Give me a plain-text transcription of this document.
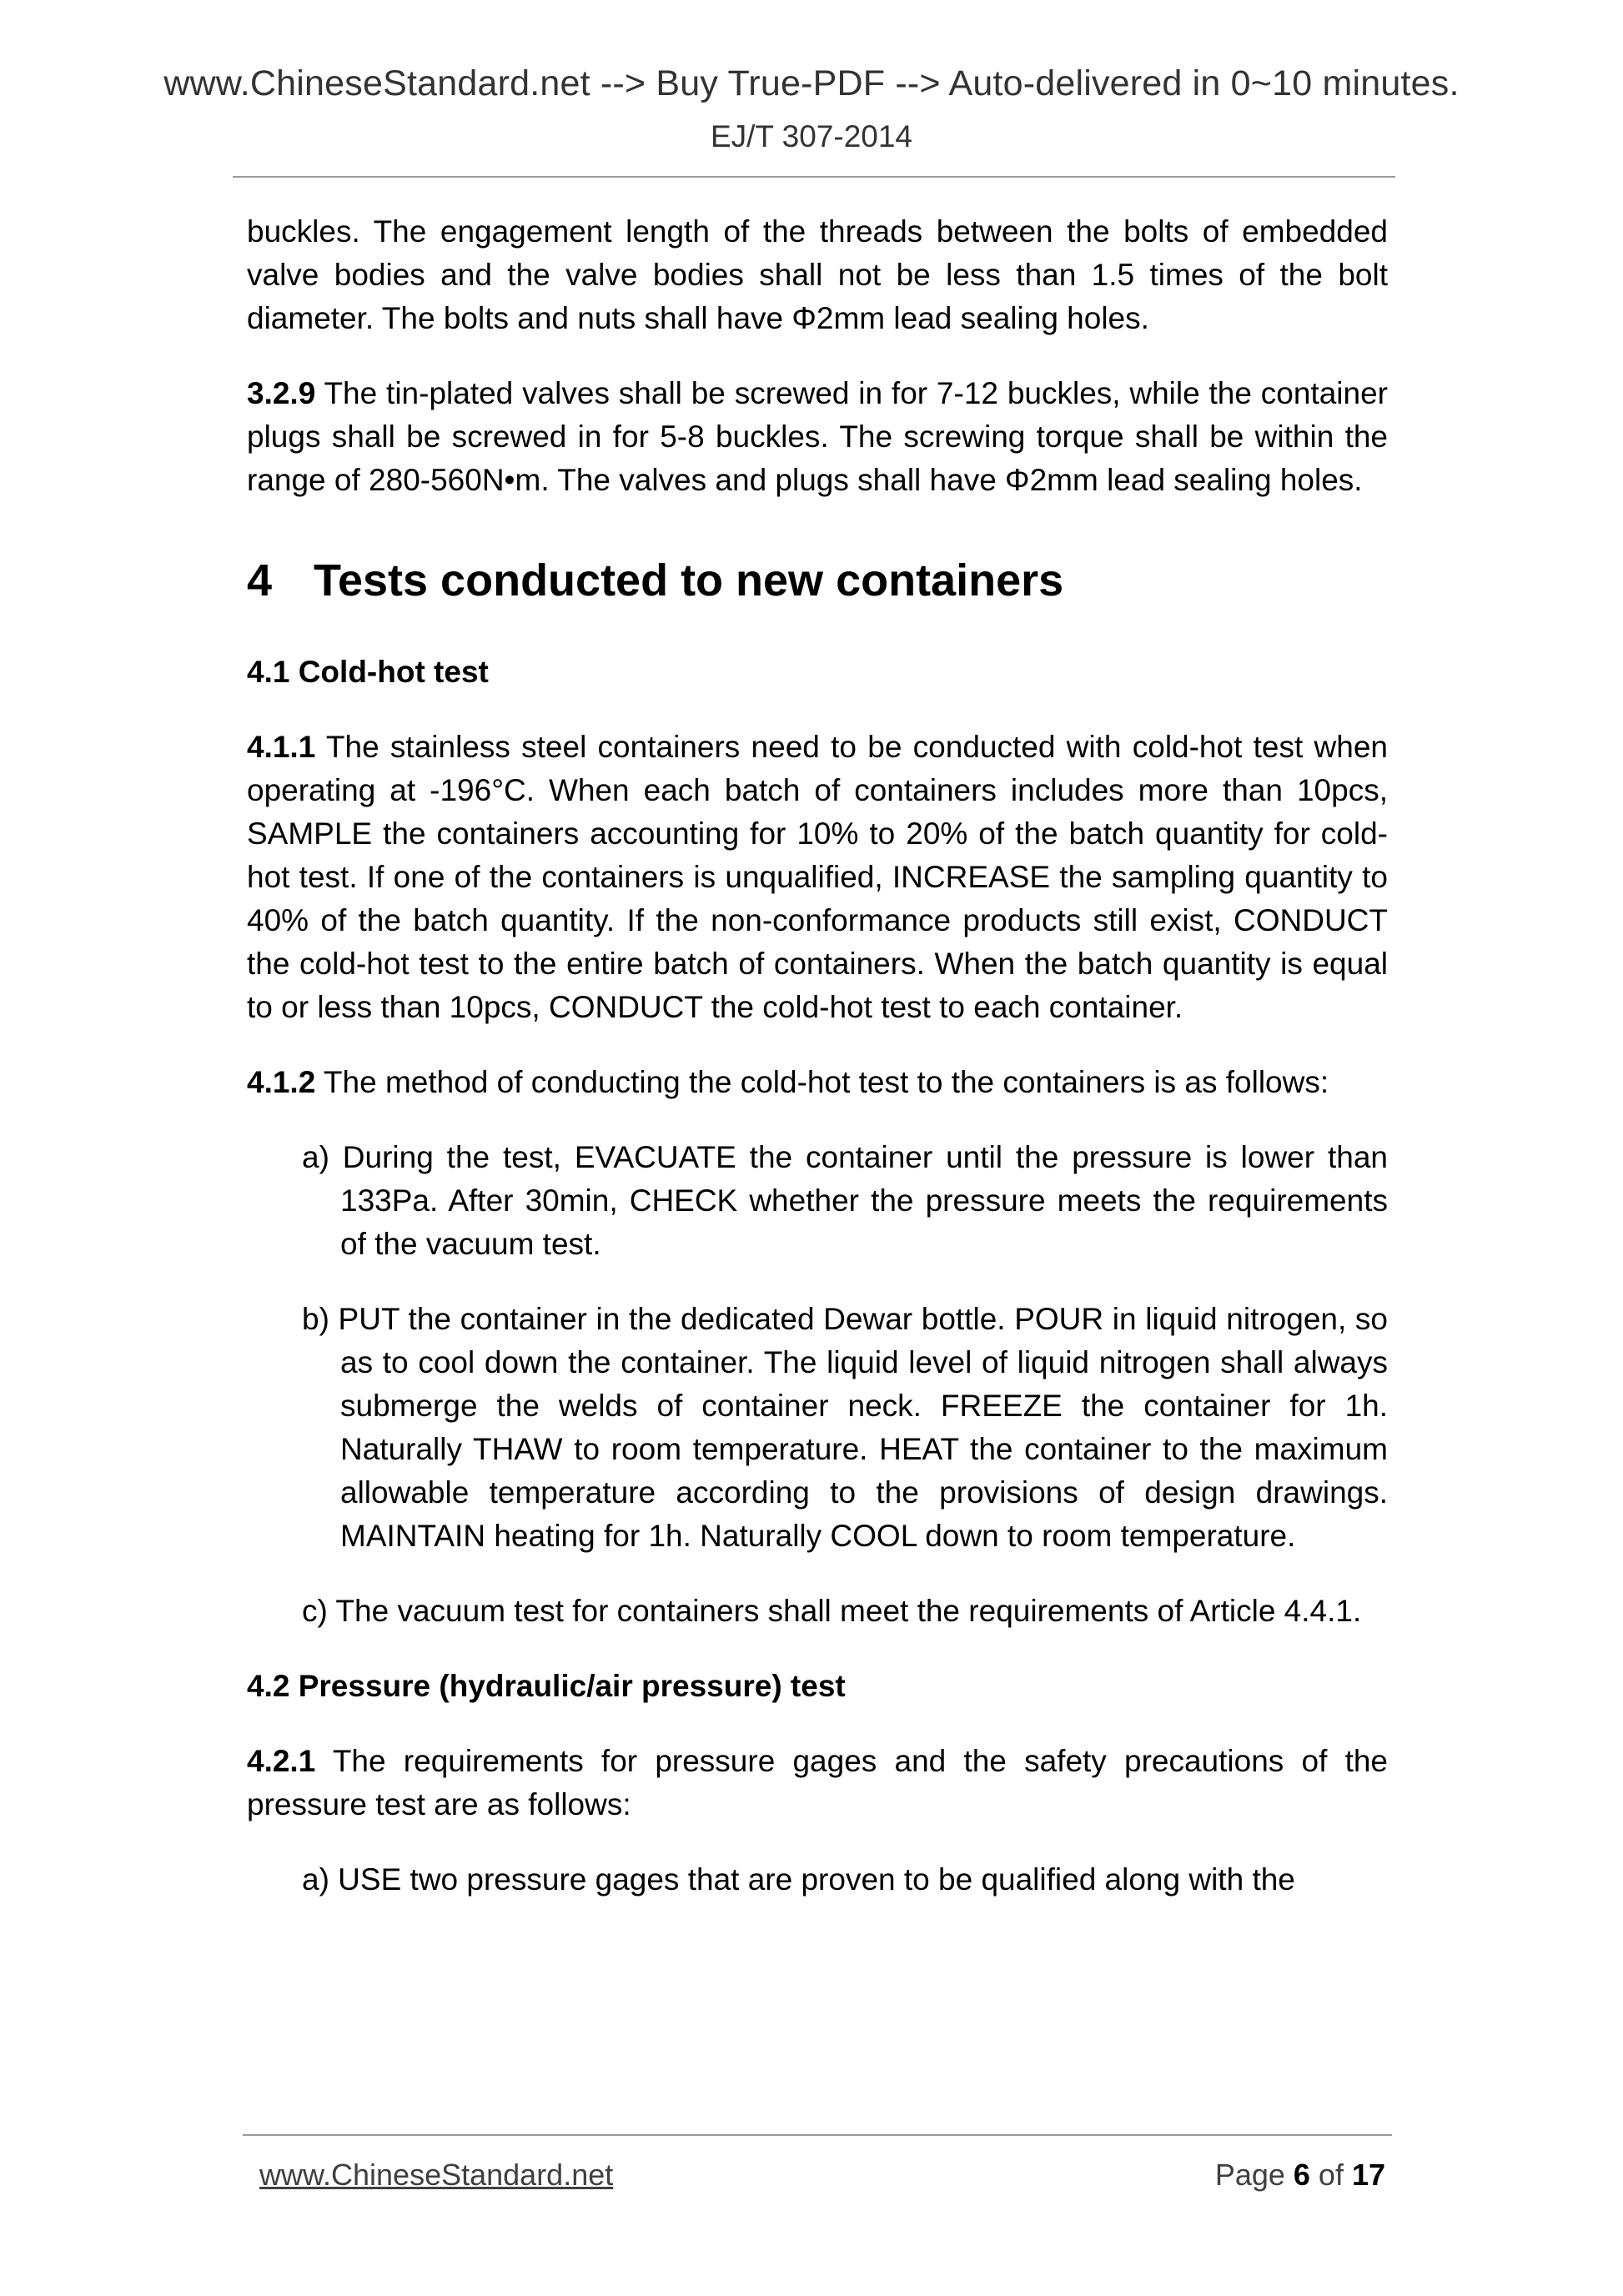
www.ChineseStandard.net --> Buy True-PDF --> Auto-delivered in 0~10 minutes.
EJ/T 307-2014

buckles. The engagement length of the threads between the bolts of embedded valve bodies and the valve bodies shall not be less than 1.5 times of the bolt diameter. The bolts and nuts shall have Φ2mm lead sealing holes.

3.2.9 The tin-plated valves shall be screwed in for 7-12 buckles, while the container plugs shall be screwed in for 5-8 buckles. The screwing torque shall be within the range of 280-560N•m. The valves and plugs shall have Φ2mm lead sealing holes.

4 Tests conducted to new containers
4.1 Cold-hot test

4.1.1 The stainless steel containers need to be conducted with cold-hot test when operating at -196°C. When each batch of containers includes more than 10pcs, SAMPLE the containers accounting for 10% to 20% of the batch quantity for cold-hot test. If one of the containers is unqualified, INCREASE the sampling quantity to 40% of the batch quantity. If the non-conformance products still exist, CONDUCT the cold-hot test to the entire batch of containers. When the batch quantity is equal to or less than 10pcs, CONDUCT the cold-hot test to each container.

4.1.2 The method of conducting the cold-hot test to the containers is as follows:

a) During the test, EVACUATE the container until the pressure is lower than 133Pa. After 30min, CHECK whether the pressure meets the requirements of the vacuum test.
b) PUT the container in the dedicated Dewar bottle. POUR in liquid nitrogen, so as to cool down the container. The liquid level of liquid nitrogen shall always submerge the welds of container neck. FREEZE the container for 1h. Naturally THAW to room temperature. HEAT the container to the maximum allowable temperature according to the provisions of design drawings. MAINTAIN heating for 1h. Naturally COOL down to room temperature.
c) The vacuum test for containers shall meet the requirements of Article 4.4.1.
4.2 Pressure (hydraulic/air pressure) test

4.2.1 The requirements for pressure gages and the safety precautions of the pressure test are as follows:

a) USE two pressure gages that are proven to be qualified along with the
www.ChineseStandard.net	Page 6 of 17
